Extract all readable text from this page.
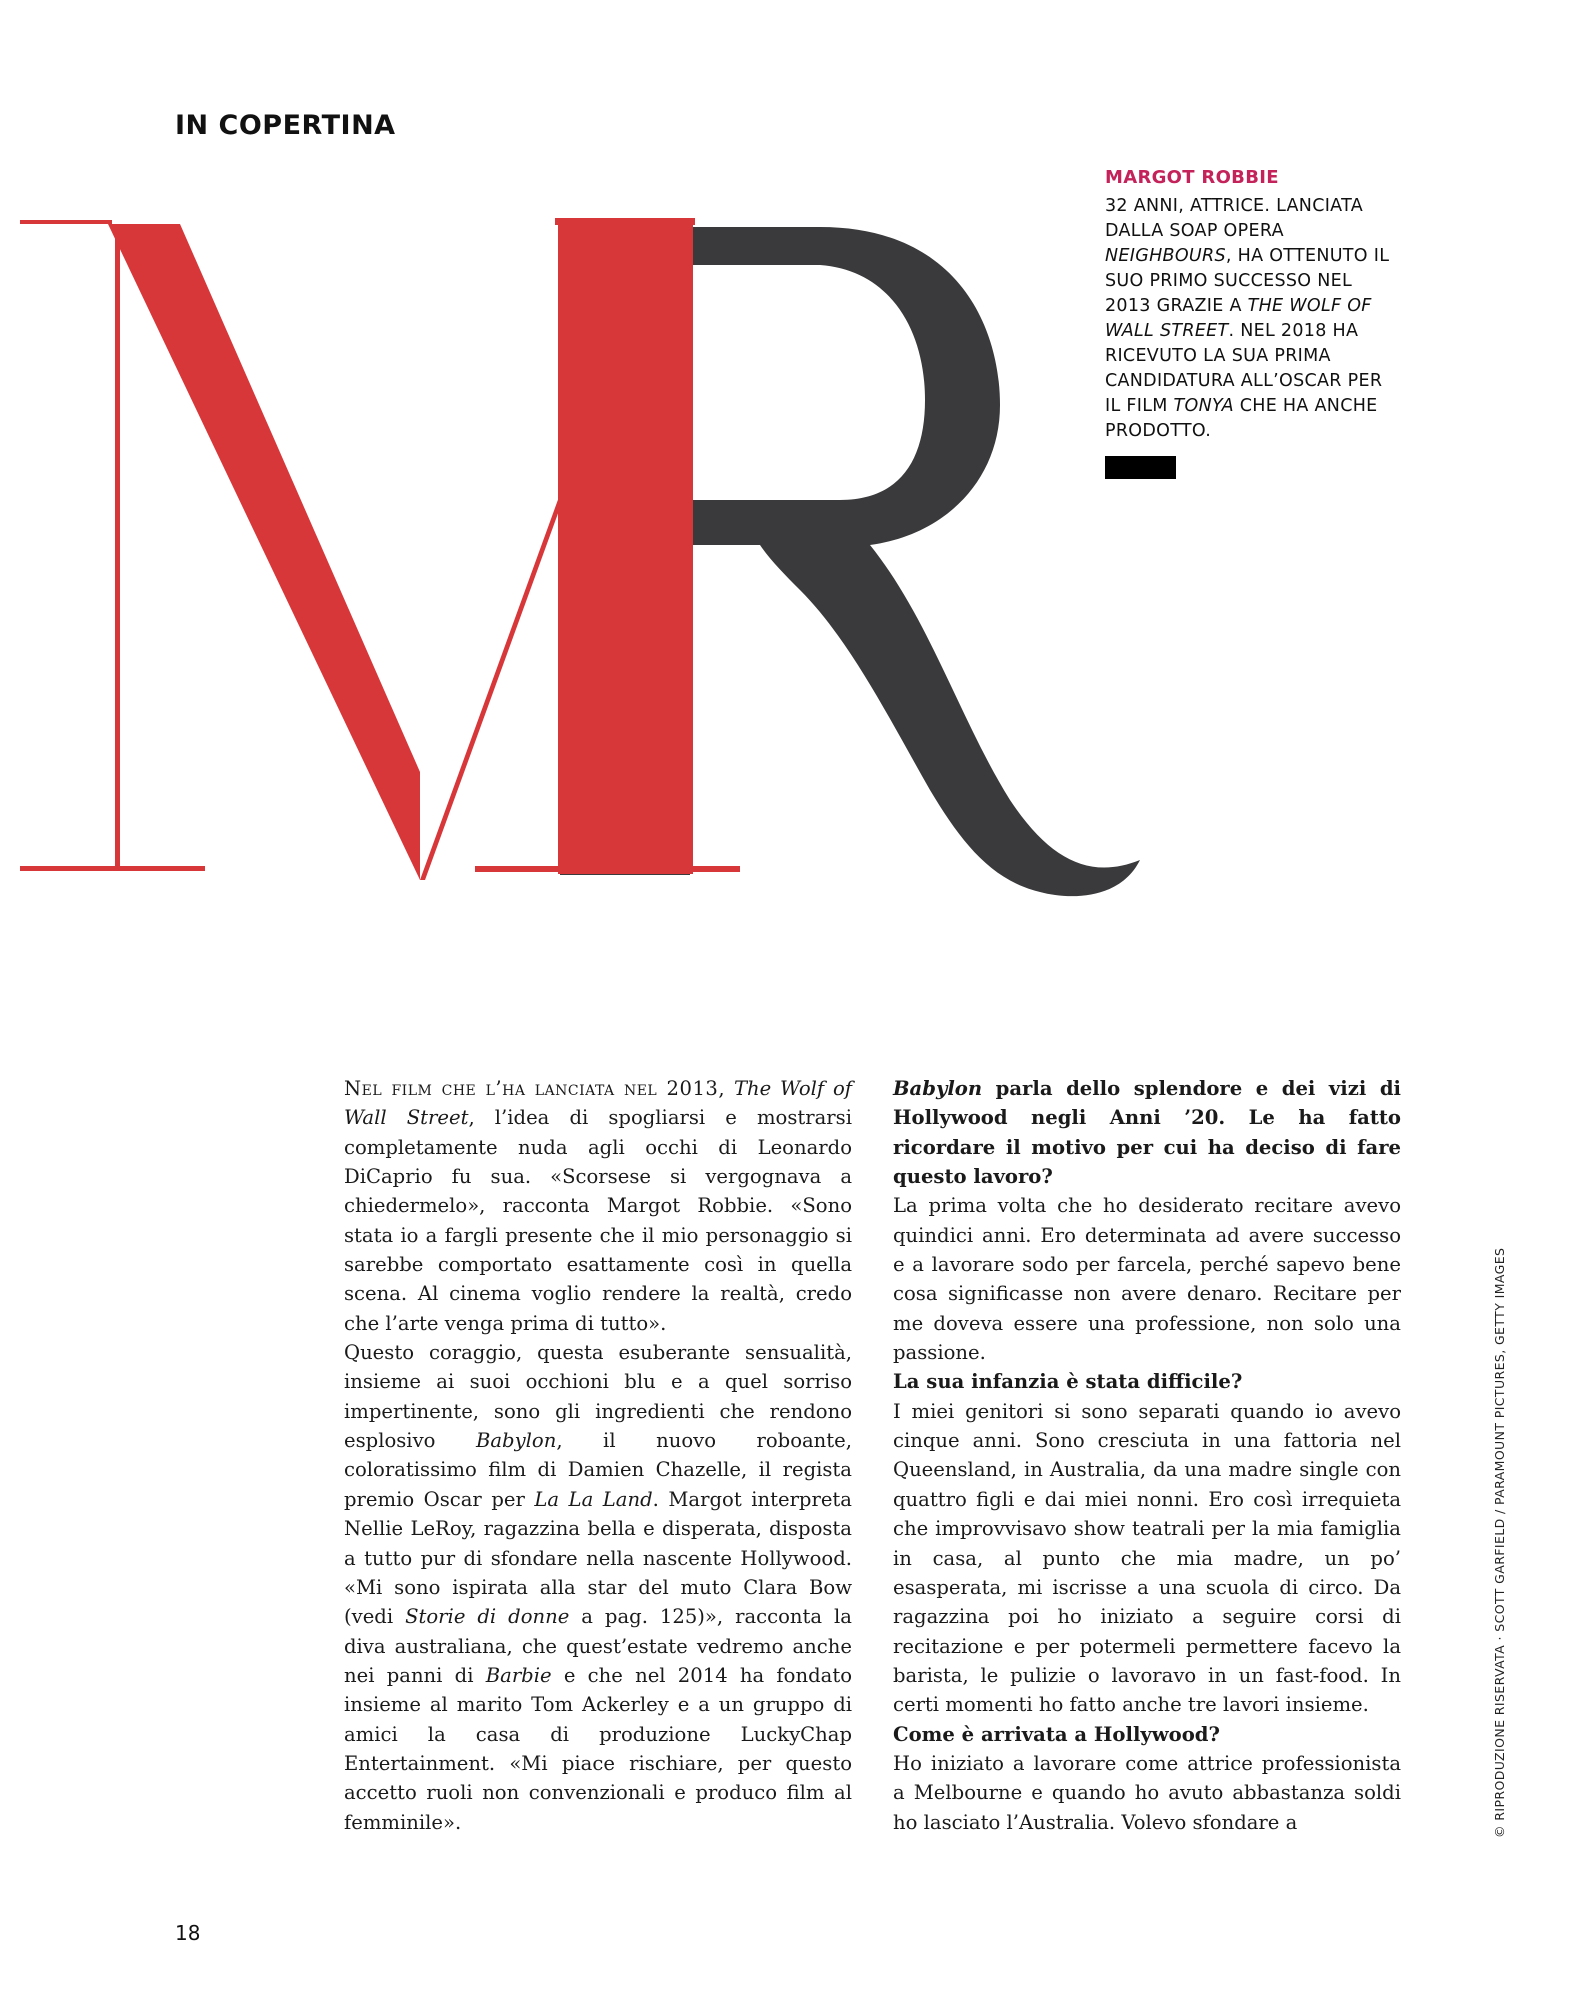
IN COPERTINA
MARGOT ROBBIE
32 ANNI, ATTRICE. LANCIATA DALLA SOAP OPERA NEIGHBOURS, HA OTTENUTO IL SUO PRIMO SUCCESSO NEL 2013 GRAZIE A THE WOLF OF WALL STREET. NEL 2018 HA RICEVUTO LA SUA PRIMA CANDIDATURA ALL’OSCAR PER IL FILM TONYA CHE HA ANCHE PRODOTTO.

Nel film che l’ha lanciata nel 2013, The Wolf of Wall Street, l’idea di spogliarsi e mostrarsi completamente nuda agli occhi di Leonardo DiCaprio fu sua. «Scorsese si vergognava a chiedermelo», racconta Margot Robbie. «Sono stata io a fargli presente che il mio personaggio si sarebbe comportato esattamente così in quella scena. Al cinema voglio rendere la realtà, credo che l’arte venga prima di tutto».

Questo coraggio, questa esuberante sensualità, insieme ai suoi occhioni blu e a quel sorriso impertinente, sono gli ingredienti che rendono esplosivo Babylon, il nuovo roboante, coloratissimo film di Damien Chazelle, il regista premio Oscar per La La Land. Margot interpreta Nellie LeRoy, ragazzina bella e disperata, disposta a tutto pur di sfondare nella nascente Hollywood. «Mi sono ispirata alla star del muto Clara Bow (vedi Storie di donne a pag. 125)», racconta la diva australiana, che quest’estate vedremo anche nei panni di Barbie e che nel 2014 ha fondato insieme al marito Tom Ackerley e a un gruppo di amici la casa di produzione LuckyChap Entertainment. «Mi piace rischiare, per questo accetto ruoli non convenzionali e produco film al femminile».

Babylon parla dello splendore e dei vizi di Hollywood negli Anni ’20. Le ha fatto ricordare il motivo per cui ha deciso di fare questo lavoro?

La prima volta che ho desiderato recitare avevo quindici anni. Ero determinata ad avere successo e a lavorare sodo per farcela, perché sapevo bene cosa significasse non avere denaro. Recitare per me doveva essere una professione, non solo una passione.

La sua infanzia è stata difficile?

I miei genitori si sono separati quando io avevo cinque anni. Sono cresciuta in una fattoria nel Queensland, in Australia, da una madre single con quattro figli e dai miei nonni. Ero così irrequieta che improvvisavo show teatrali per la mia famiglia in casa, al punto che mia madre, un po’ esasperata, mi iscrisse a una scuola di circo. Da ragazzina poi ho iniziato a seguire corsi di recitazione e per potermeli permettere facevo la barista, le pulizie o lavoravo in un fast-food. In certi momenti ho fatto anche tre lavori insieme.

Come è arrivata a Hollywood?

Ho iniziato a lavorare come attrice professionista a Melbourne e quando ho avuto abbastanza soldi ho lasciato l’Australia. Volevo sfondare a

18
© RIPRODUZIONE RISERVATA · SCOTT GARFIELD / PARAMOUNT PICTURES, GETTY IMAGES
